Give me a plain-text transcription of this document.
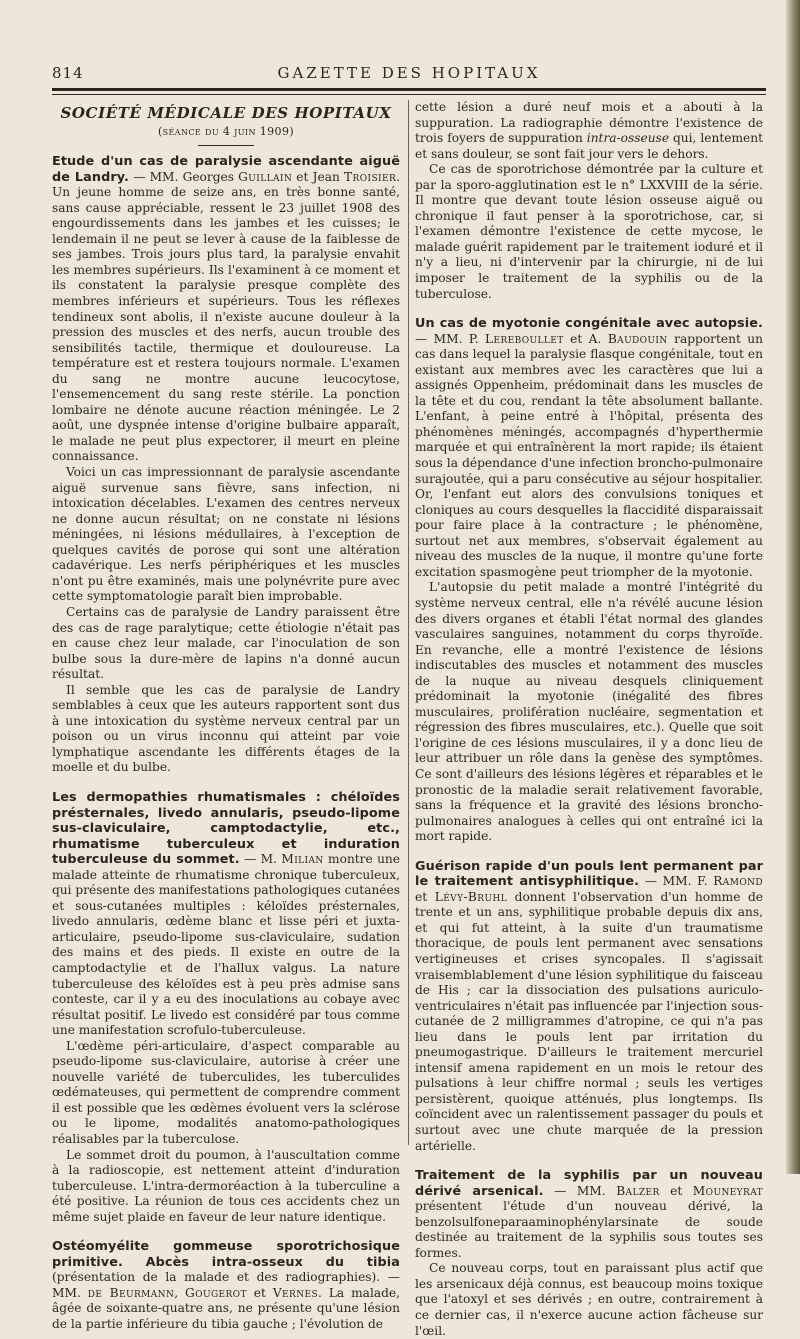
814	GAZETTE DES HOPITAUX
SOCIÉTÉ MÉDICALE DES HOPITAUX
(séance du 4 juin 1909)

Etude d'un cas de paralysie ascendante aiguë de Landry. — MM. Georges Guillain et Jean Troisier. Un jeune homme de seize ans, en très bonne santé, sans cause appréciable, ressent le 23 juillet 1908 des engourdissements dans les jambes et les cuisses; le lendemain il ne peut se lever à cause de la faiblesse de ses jambes. Trois jours plus tard, la paralysie envahit les membres supérieurs. Ils l'examinent à ce moment et ils constatent la paralysie presque complète des membres inférieurs et supérieurs. Tous les réflexes tendineux sont abolis, il n'existe aucune douleur à la pression des muscles et des nerfs, aucun trouble des sensibilités tactile, thermique et douloureuse. La température est et restera toujours normale. L'examen du sang ne montre aucune leucocytose, l'ensemencement du sang reste stérile. La ponction lombaire ne dénote aucune réaction méningée. Le 2 août, une dyspnée intense d'origine bulbaire apparaît, le malade ne peut plus expectorer, il meurt en pleine connaissance.

Voici un cas impressionnant de paralysie ascendante aiguë survenue sans fièvre, sans infection, ni intoxication décelables. L'examen des centres nerveux ne donne aucun résultat; on ne constate ni lésions méningées, ni lésions médullaires, à l'exception de quelques cavités de porose qui sont une altération cadavérique. Les nerfs périphériques et les muscles n'ont pu être examinés, mais une polynévrite pure avec cette symptomatologie paraît bien improbable.

Certains cas de paralysie de Landry paraissent être des cas de rage paralytique; cette étiologie n'était pas en cause chez leur malade, car l'inoculation de son bulbe sous la dure-mère de lapins n'a donné aucun résultat.

Il semble que les cas de paralysie de Landry semblables à ceux que les auteurs rapportent sont dus à une intoxication du système nerveux central par un poison ou un virus inconnu qui atteint par voie lymphatique ascendante les différents étages de la moelle et du bulbe.

Les dermopathies rhumatismales : chéloïdes présternales, livedo annularis, pseudo-lipome sus-claviculaire, camptodactylie, etc., rhumatisme tuberculeux et induration tuberculeuse du sommet. — M. Milian montre une malade atteinte de rhumatisme chronique tuberculeux, qui présente des manifestations pathologiques cutanées et sous-cutanées multiples : kéloïdes présternales, livedo annularis, œdème blanc et lisse péri et juxta-articulaire, pseudo-lipome sus-claviculaire, sudation des mains et des pieds. Il existe en outre de la camptodactylie et de l'hallux valgus. La nature tuberculeuse des kéloïdes est à peu près admise sans conteste, car il y a eu des inoculations au cobaye avec résultat positif. Le livedo est considéré par tous comme une manifestation scrofulo-tuberculeuse.

L'œdème péri-articulaire, d'aspect comparable au pseudo-lipome sus-claviculaire, autorise à créer une nouvelle variété de tuberculides, les tuberculides œdémateuses, qui permettent de comprendre comment il est possible que les œdèmes évoluent vers la sclérose ou le lipome, modalités anatomo-pathologiques réalisables par la tuberculose.

Le sommet droit du poumon, à l'auscultation comme à la radioscopie, est nettement atteint d'induration tuberculeuse. L'intra-dermoréaction à la tuberculine a été positive. La réunion de tous ces accidents chez un même sujet plaide en faveur de leur nature identique.

Ostéomyélite gommeuse sporotrichosique primitive. Abcès intra-osseux du tibia (présentation de la malade et des radiographies). — MM. de Beurmann, Gougerot et Vernes. La malade, âgée de soixante-quatre ans, ne présente qu'une lésion de la partie inférieure du tibia gauche ; l'évolution de

cette lésion a duré neuf mois et a abouti à la suppuration. La radiographie démontre l'existence de trois foyers de suppuration intra-osseuse qui, lentement et sans douleur, se sont fait jour vers le dehors.

Ce cas de sporotrichose démontrée par la culture et par la sporo-agglutination est le n° LXXVIII de la série. Il montre que devant toute lésion osseuse aiguë ou chronique il faut penser à la sporotrichose, car, si l'examen démontre l'existence de cette mycose, le malade guérit rapidement par le traitement ioduré et il n'y a lieu, ni d'intervenir par la chirurgie, ni de lui imposer le traitement de la syphilis ou de la tuberculose.

Un cas de myotonie congénitale avec autopsie. — MM. P. Lereboullet et A. Baudouin rapportent un cas dans lequel la paralysie flasque congénitale, tout en existant aux membres avec les caractères que lui a assignés Oppenheim, prédominait dans les muscles de la tête et du cou, rendant la tête absolument ballante. L'enfant, à peine entré à l'hôpital, présenta des phénomènes méningés, accompagnés d'hyperthermie marquée et qui entraînèrent la mort rapide; ils étaient sous la dépendance d'une infection broncho-pulmonaire surajoutée, qui a paru consécutive au séjour hospitalier. Or, l'enfant eut alors des convulsions toniques et cloniques au cours desquelles la flaccidité disparaissait pour faire place à la contracture ; le phénomène, surtout net aux membres, s'observait également au niveau des muscles de la nuque, il montre qu'une forte excitation spasmogène peut triompher de la myotonie.

L'autopsie du petit malade a montré l'intégrité du système nerveux central, elle n'a révélé aucune lésion des divers organes et établi l'état normal des glandes vasculaires sanguines, notamment du corps thyroïde. En revanche, elle a montré l'existence de lésions indiscutables des muscles et notamment des muscles de la nuque au niveau desquels cliniquement prédominait la myotonie (inégalité des fibres musculaires, prolifération nucléaire, segmentation et régression des fibres musculaires, etc.). Quelle que soit l'origine de ces lésions musculaires, il y a donc lieu de leur attribuer un rôle dans la genèse des symptômes. Ce sont d'ailleurs des lésions légères et réparables et le pronostic de la maladie serait relativement favorable, sans la fréquence et la gravité des lésions broncho-pulmonaires analogues à celles qui ont entraîné ici la mort rapide.

Guérison rapide d'un pouls lent permanent par le traitement antisyphilitique. — MM. F. Ramond et Lévy-Bruhl donnent l'observation d'un homme de trente et un ans, syphilitique probable depuis dix ans, et qui fut atteint, à la suite d'un traumatisme thoracique, de pouls lent permanent avec sensations vertigineuses et crises syncopales. Il s'agissait vraisemblablement d'une lésion syphilitique du faisceau de His ; car la dissociation des pulsations auriculo-ventriculaires n'était pas influencée par l'injection sous-cutanée de 2 milligrammes d'atropine, ce qui n'a pas lieu dans le pouls lent par irritation du pneumogastrique. D'ailleurs le traitement mercuriel intensif amena rapidement en un mois le retour des pulsations à leur chiffre normal ; seuls les vertiges persistèrent, quoique atténués, plus longtemps. Ils coïncident avec un ralentissement passager du pouls et surtout avec une chute marquée de la pression artérielle.

Traitement de la syphilis par un nouveau dérivé arsenical. — MM. Balzer et Mouneyrat présentent l'étude d'un nouveau dérivé, la benzolsulfoneparaaminophénylarsinate de soude destinée au traitement de la syphilis sous toutes ses formes.

Ce nouveau corps, tout en paraissant plus actif que les arsenicaux déjà connus, est beaucoup moins toxique que l'atoxyl et ses dérivés ; en outre, contrairement à ce dernier cas, il n'exerce aucune action fâcheuse sur l'œil.
